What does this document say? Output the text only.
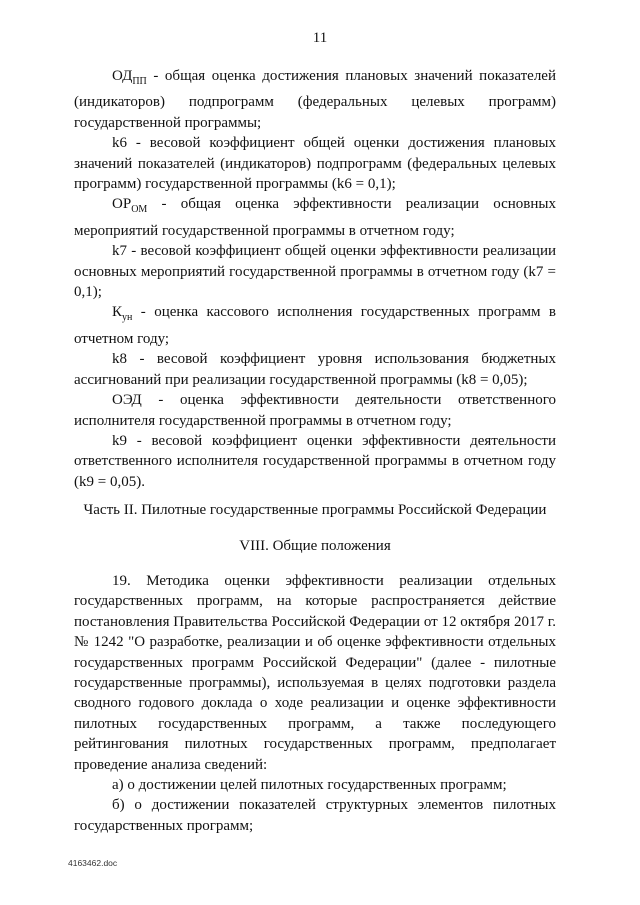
11

$ОД_{ПП}$ - общая оценка достижения плановых значений показателей (индикаторов) подпрограмм (федеральных целевых программ) государственной программы;

k6 - весовой коэффициент общей оценки достижения плановых значений показателей (индикаторов) подпрограмм (федеральных целевых программ) государственной программы (k6 = 0,1);

$ОР_{ОМ}$ - общая оценка эффективности реализации основных мероприятий государственной программы в отчетном году;

k7 - весовой коэффициент общей оценки эффективности реализации основных мероприятий государственной программы в отчетном году (k7 = 0,1);

$К_{ун}$ - оценка кассового исполнения государственных программ в отчетном году;

k8 - весовой коэффициент уровня использования бюджетных ассигнований при реализации государственной программы (k8 = 0,05);

ОЭД - оценка эффективности деятельности ответственного исполнителя государственной программы в отчетном году;

k9 - весовой коэффициент оценки эффективности деятельности ответственного исполнителя государственной программы в отчетном году (k9 = 0,05).

Часть II. Пилотные государственные программы Российской Федерации

VIII. Общие положения

19. Методика оценки эффективности реализации отдельных государственных программ, на которые распространяется действие постановления Правительства Российской Федерации от 12 октября 2017 г. № 1242 "О разработке, реализации и об оценке эффективности отдельных государственных программ Российской Федерации" (далее - пилотные государственные программы), используемая в целях подготовки раздела сводного годового доклада о ходе реализации и оценке эффективности пилотных государственных программ, а также последующего рейтингования пилотных государственных программ, предполагает проведение анализа сведений:

а) о достижении целей пилотных государственных программ;

б) о достижении показателей структурных элементов пилотных государственных программ;

4163462.doc
